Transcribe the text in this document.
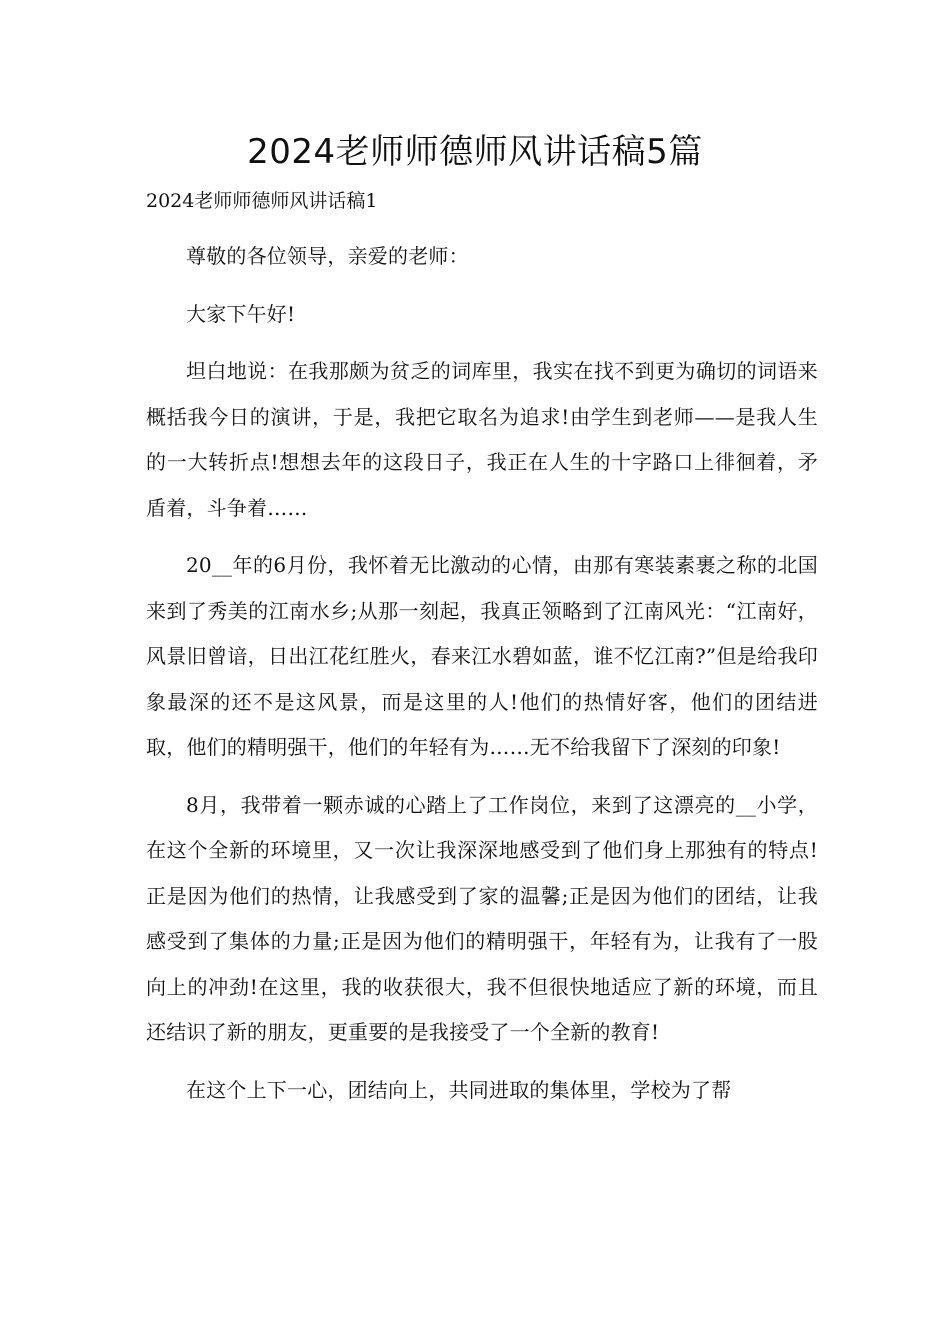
2024老师师德师风讲话稿5篇
2024老师师德师风讲话稿1

尊敬的各位领导，亲爱的老师：

大家下午好!

坦白地说：在我那颇为贫乏的词库里，我实在找不到更为确切的词语来概括我今日的演讲，于是，我把它取名为追求!由学生到老师——是我人生的一大转折点!想想去年的这段日子，我正在人生的十字路口上徘徊着，矛盾着，斗争着……

20__年的6月份，我怀着无比激动的心情，由那有寒装素裹之称的北国来到了秀美的江南水乡;从那一刻起，我真正领略到了江南风光：“江南好，风景旧曾谙，日出江花红胜火，春来江水碧如蓝，谁不忆江南?”但是给我印象最深的还不是这风景，而是这里的人!他们的热情好客，他们的团结进取，他们的精明强干，他们的年轻有为……无不给我留下了深刻的印象!

8月，我带着一颗赤诚的心踏上了工作岗位，来到了这漂亮的__小学，在这个全新的环境里，又一次让我深深地感受到了他们身上那独有的特点!正是因为他们的热情，让我感受到了家的温馨;正是因为他们的团结，让我感受到了集体的力量;正是因为他们的精明强干，年轻有为，让我有了一股向上的冲劲!在这里，我的收获很大，我不但很快地适应了新的环境，而且还结识了新的朋友，更重要的是我接受了一个全新的教育!

在这个上下一心，团结向上，共同进取的集体里，学校为了帮
